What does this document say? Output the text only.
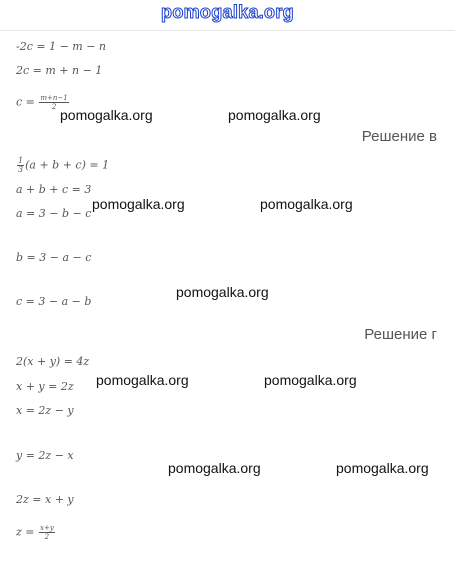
pomogalka.org
-2c = 1 − m − n
2c = m + n − 1
$c = \frac{m+n-1}{2}$
Решение в
$\frac{1}{3} (a + b + c) = 1$
a + b + c = 3
a = 3 − b − c
b = 3 − a − c
c = 3 − a − b
Решение г
2(x + y) = 4z
x + y = 2z
x = 2z − y
y = 2z − x
2z = x + y
$z = \frac{x+y}{2}$
pomogalka.org	pomogalka.org
pomogalka.org	pomogalka.org
pomogalka.org
pomogalka.org	pomogalka.org
pomogalka.org	pomogalka.org
